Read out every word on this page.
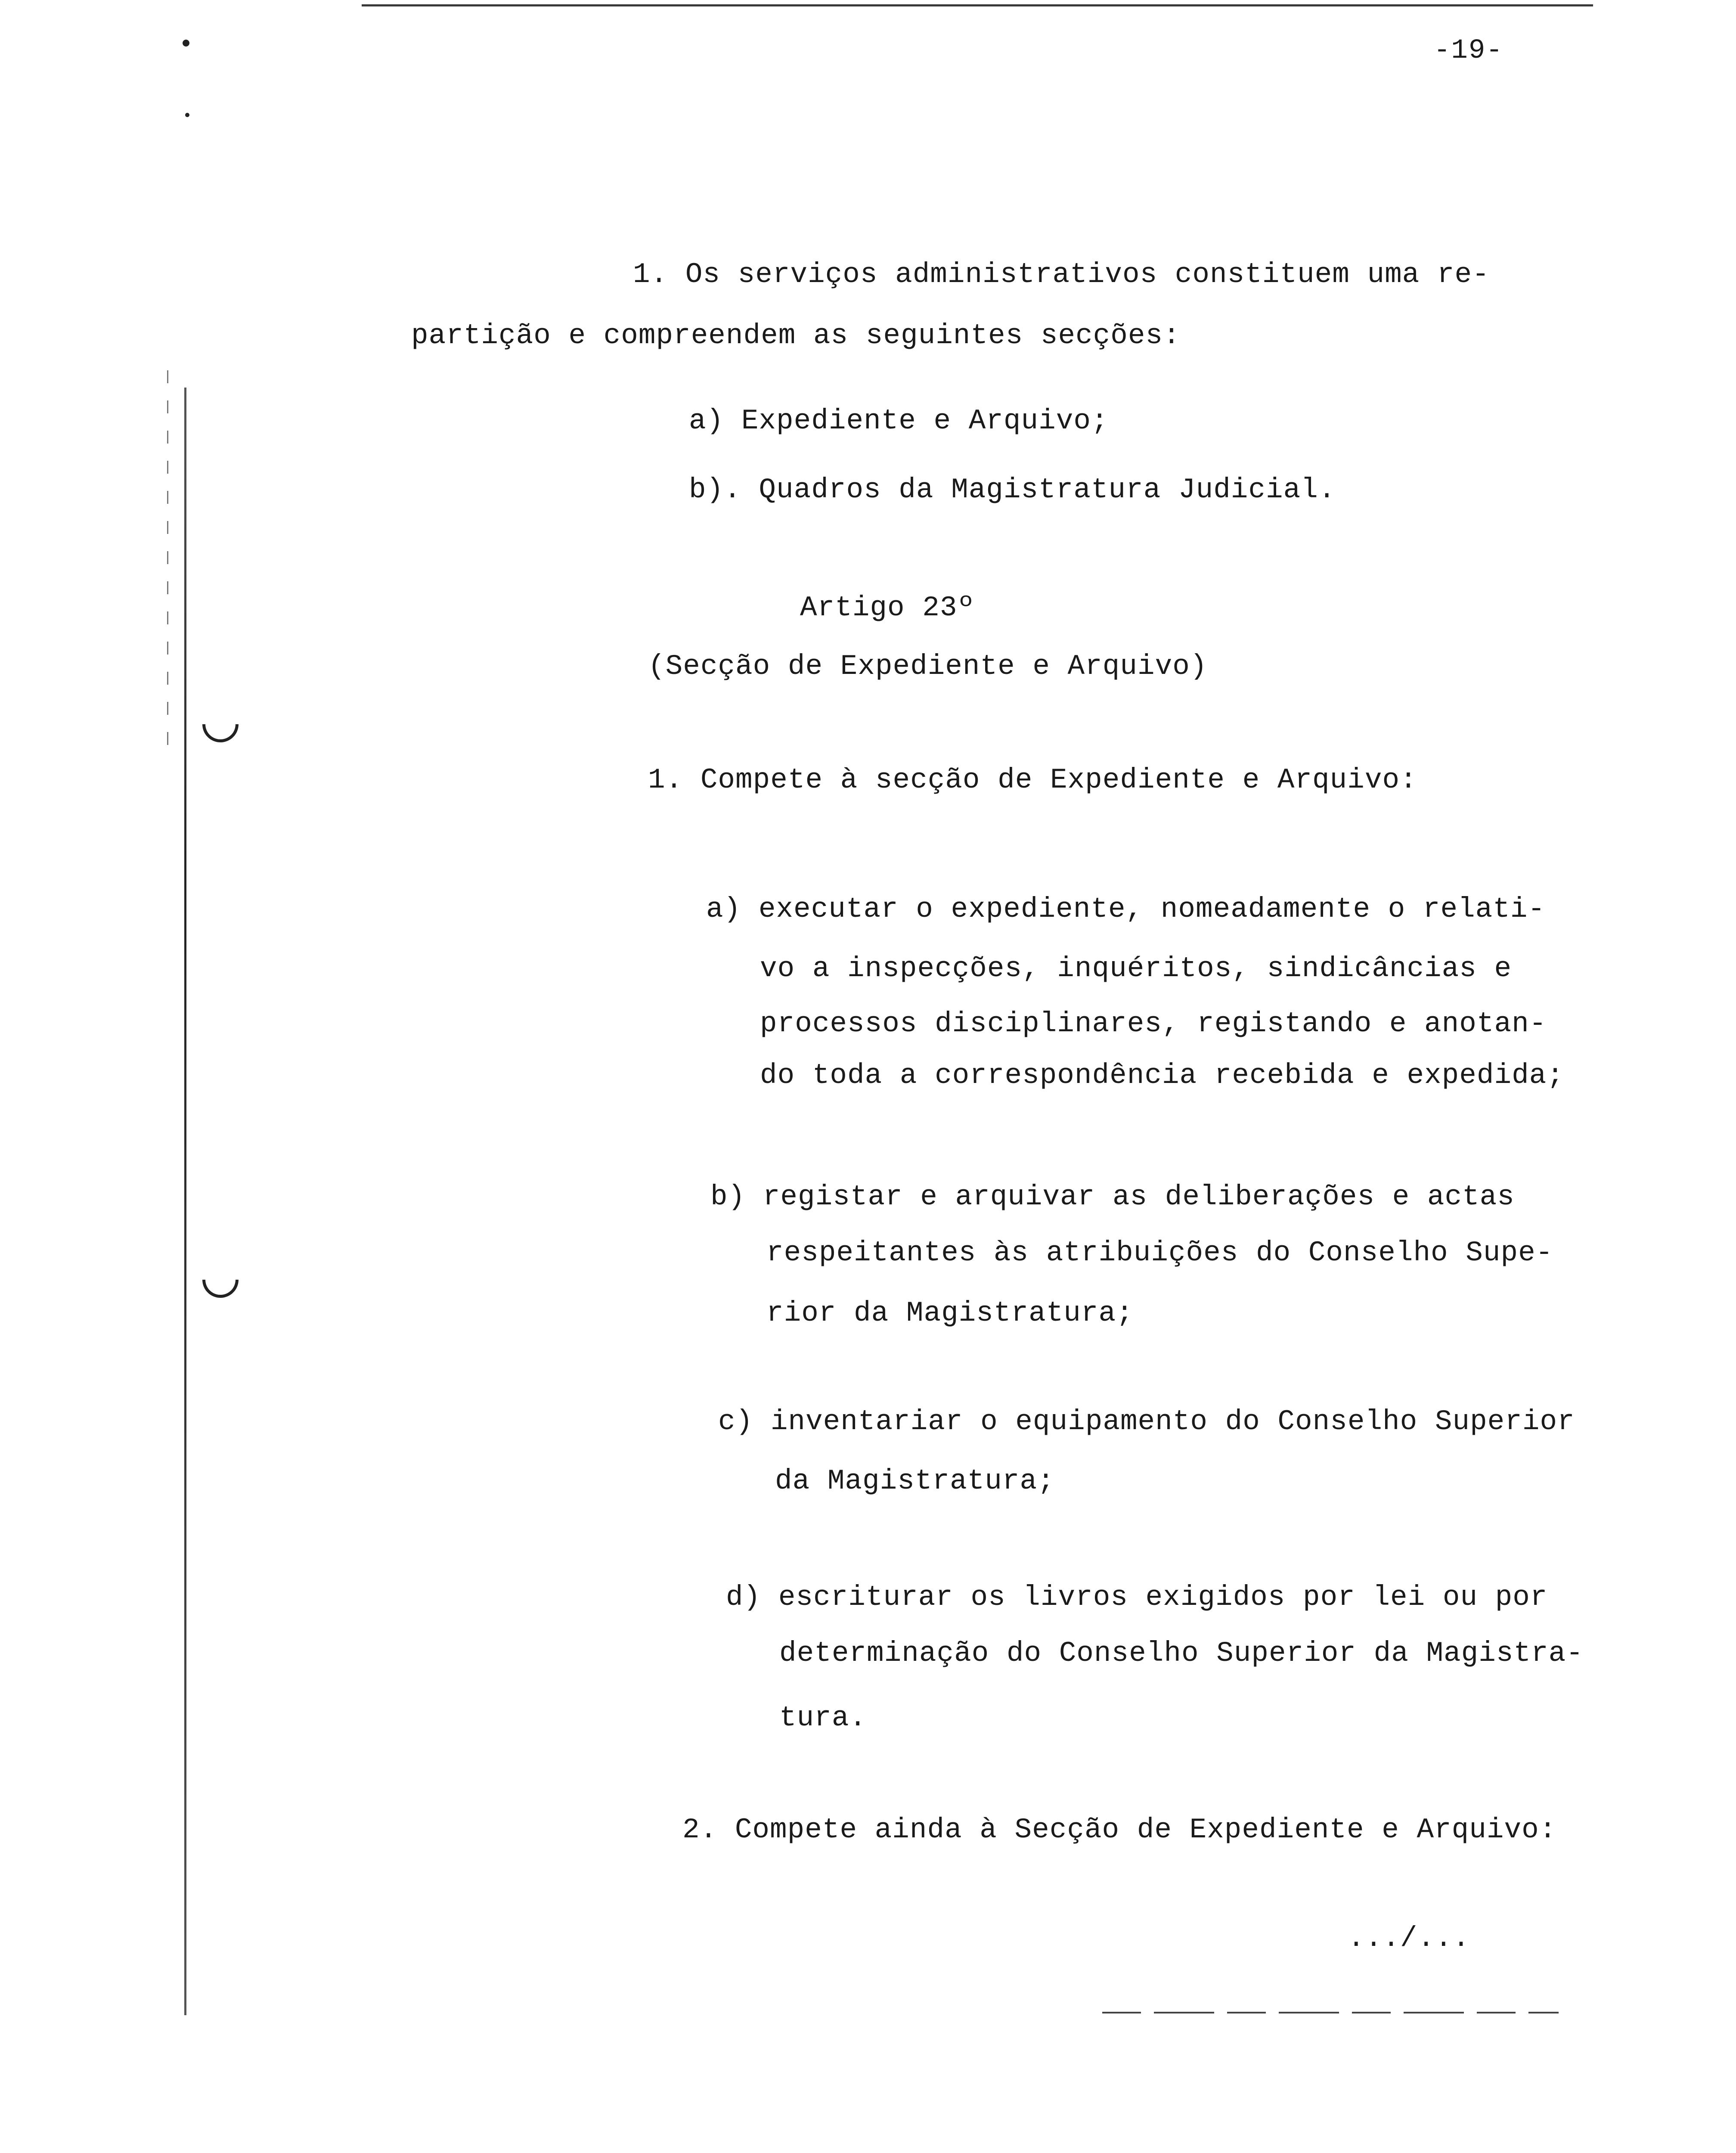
-19-
1. Os serviços administrativos constituem uma re-
partição e compreendem as seguintes secções:
a) Expediente e Arquivo;
b). Quadros da Magistratura Judicial.
Artigo 23º
(Secção de Expediente e Arquivo)
1. Compete à secção de Expediente e Arquivo:
a) executar o expediente, nomeadamente o relati-
vo a inspecções, inquéritos, sindicâncias e
processos disciplinares, registando e anotan-
do toda a correspondência recebida e expedida;
b) registar e arquivar as deliberações e actas
respeitantes às atribuições do Conselho Supe-
rior da Magistratura;
c) inventariar o equipamento do Conselho Superior
da Magistratura;
d) escriturar os livros exigidos por lei ou por
determinação do Conselho Superior da Magistra-
tura.
2. Compete ainda à Secção de Expediente e Arquivo:
.../...
